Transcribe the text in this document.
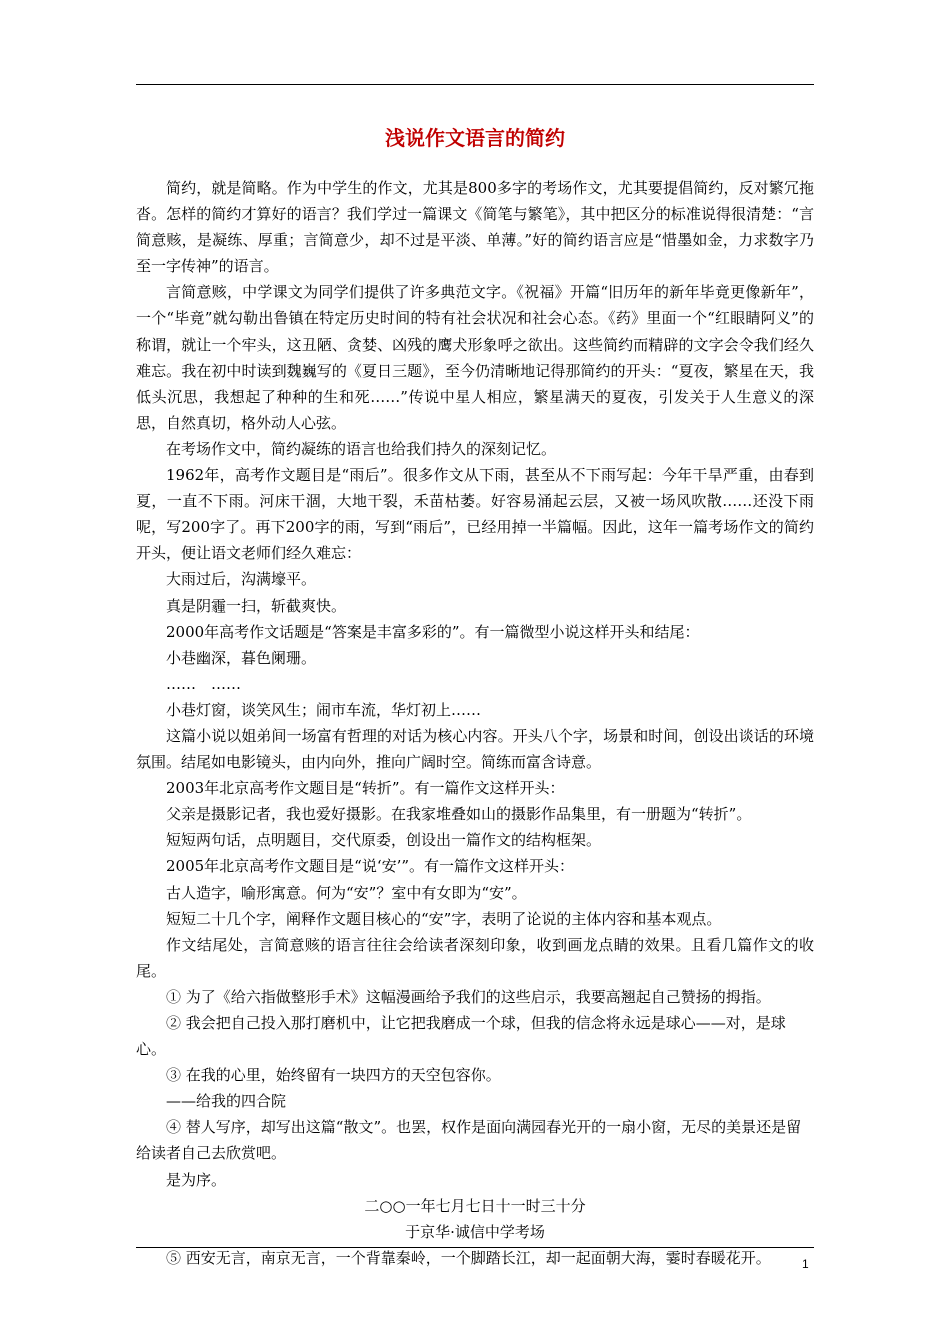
浅说作文语言的简约

简约，就是简略。作为中学生的作文，尤其是800多字的考场作文，尤其要提倡简约，反对繁冗拖沓。怎样的简约才算好的语言？我们学过一篇课文《简笔与繁笔》，其中把区分的标准说得很清楚：“言简意赅，是凝练、厚重；言简意少，却不过是平淡、单薄。”好的简约语言应是“惜墨如金，力求数字乃至一字传神”的语言。

言简意赅，中学课文为同学们提供了许多典范文字。《祝福》开篇“旧历年的新年毕竟更像新年”，一个“毕竟”就勾勒出鲁镇在特定历史时间的特有社会状况和社会心态。《药》里面一个“红眼睛阿义”的称谓，就让一个牢头，这丑陋、贪婪、凶残的鹰犬形象呼之欲出。这些简约而精辟的文字会令我们经久难忘。我在初中时读到魏巍写的《夏日三题》，至今仍清晰地记得那简约的开头：“夏夜，繁星在天，我低头沉思，我想起了种种的生和死……”传说中星人相应，繁星满天的夏夜，引发关于人生意义的深思，自然真切，格外动人心弦。

在考场作文中，简约凝练的语言也给我们持久的深刻记忆。

1962年，高考作文题目是“雨后”。很多作文从下雨，甚至从不下雨写起：今年干旱严重，由春到夏，一直不下雨。河床干涸，大地干裂，禾苗枯萎。好容易涌起云层，又被一场风吹散……还没下雨呢，写200字了。再下200字的雨，写到“雨后”，已经用掉一半篇幅。因此，这年一篇考场作文的简约开头，便让语文老师们经久难忘：

大雨过后，沟满壕平。

真是阴霾一扫，斩截爽快。

2000年高考作文话题是“答案是丰富多彩的”。有一篇微型小说这样开头和结尾：

小巷幽深，暮色阑珊。

……　……

小巷灯窗，谈笑风生；闹市车流，华灯初上……

这篇小说以姐弟间一场富有哲理的对话为核心内容。开头八个字，场景和时间，创设出谈话的环境氛围。结尾如电影镜头，由内向外，推向广阔时空。简练而富含诗意。

2003年北京高考作文题目是“转折”。有一篇作文这样开头：

父亲是摄影记者，我也爱好摄影。在我家堆叠如山的摄影作品集里，有一册题为“转折”。

短短两句话，点明题目，交代原委，创设出一篇作文的结构框架。

2005年北京高考作文题目是“说‘安’”。有一篇作文这样开头：

古人造字，喻形寓意。何为“安”？室中有女即为“安”。

短短二十几个字，阐释作文题目核心的“安”字，表明了论说的主体内容和基本观点。

作文结尾处，言简意赅的语言往往会给读者深刻印象，收到画龙点睛的效果。且看几篇作文的收尾。

① 为了《给六指做整形手术》这幅漫画给予我们的这些启示，我要高翘起自己赞扬的拇指。

② 我会把自己投入那打磨机中，让它把我磨成一个球，但我的信念将永远是球心——对，是球心。

③ 在我的心里，始终留有一块四方的天空包容你。

——给我的四合院

④ 替人写序，却写出这篇“散文”。也罢，权作是面向满园春光开的一扇小窗，无尽的美景还是留给读者自己去欣赏吧。

是为序。

二○○一年七月七日十一时三十分

于京华·诚信中学考场

⑤ 西安无言，南京无言，一个背靠秦岭，一个脚踏长江，却一起面朝大海，霎时春暖花开。	1
